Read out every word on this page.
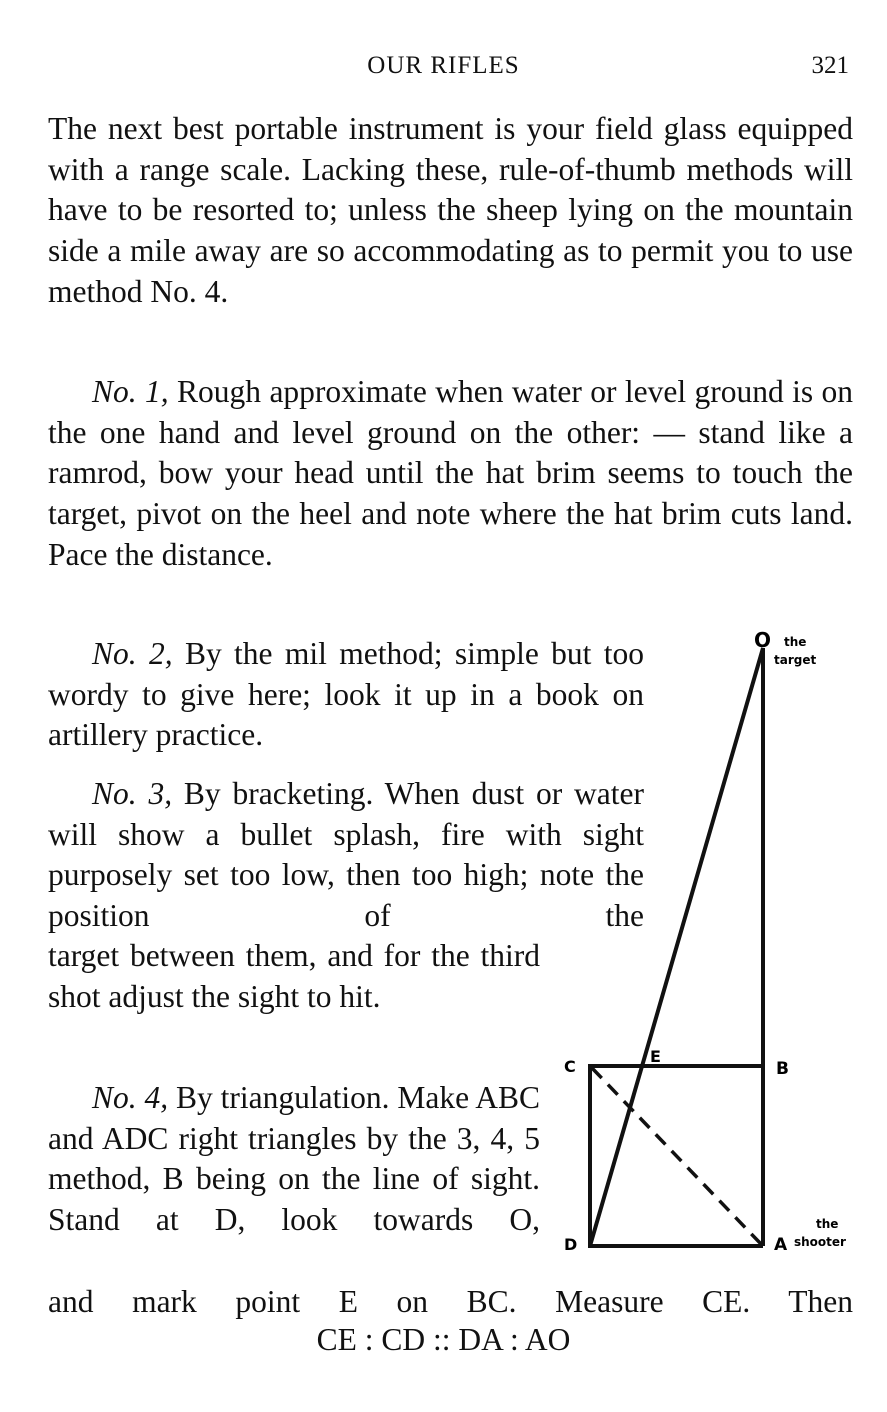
OUR RIFLES	321

The next best portable instrument is your field glass equipped with a range scale. Lacking these, rule-of-thumb methods will have to be resorted to; unless the sheep lying on the mountain side a mile away are so accommodating as to permit you to use method No. 4.

No. 1, Rough approximate when water or level ground is on the one hand and level ground on the other: — stand like a ramrod, bow your head until the hat brim seems to touch the target, pivot on the heel and note where the hat brim cuts land. Pace the distance.

No. 2, By the mil method; simple but too wordy to give here; look it up in a book on artillery practice.

No. 3, By bracketing. When dust or water will show a bullet splash, fire with sight purposely set too low, then too high; note the position of the

target between them, and for the third shot adjust the sight to hit.

No. 4, By triangulation. Make ABC and ADC right triangles by the 3, 4, 5 method, B being on the line of sight. Stand at D, look towards O,

and mark point E on BC. Measure CE. Then
CE : CD :: DA : AO
O the
target
C
E
B
D	A
the
shooter
